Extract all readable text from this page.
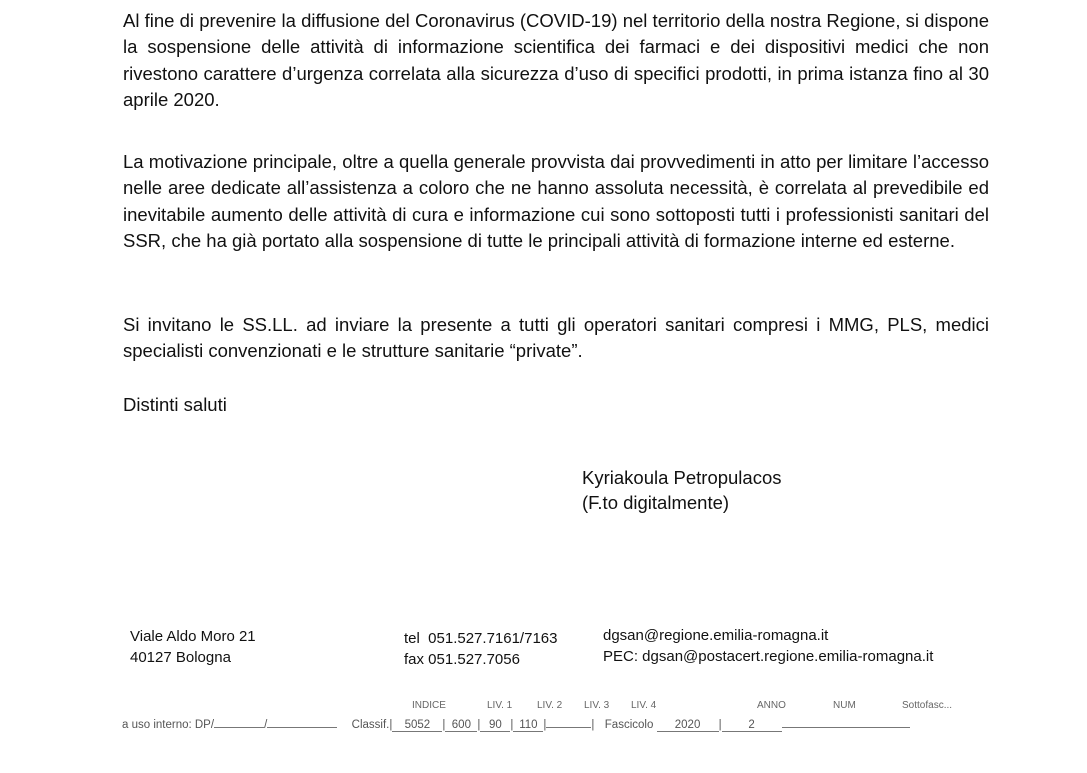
Al fine di prevenire la diffusione del Coronavirus (COVID-19) nel territorio della nostra Regione, si dispone la sospensione delle attività di informazione scientifica dei farmaci e dei dispositivi medici che non rivestono carattere d’urgenza correlata alla sicurezza d’uso di specifici prodotti, in prima istanza fino al 30 aprile 2020.

La motivazione principale, oltre a quella generale provvista dai provvedimenti in atto per limitare l’accesso nelle aree dedicate all’assistenza a coloro che ne hanno assoluta necessità, è correlata al prevedibile ed inevitabile aumento delle attività di cura e informazione cui sono sottoposti tutti i professionisti sanitari del SSR, che ha già portato alla sospensione di tutte le principali attività di formazione interne ed esterne.

Si invitano le SS.LL. ad inviare la presente a tutti gli operatori sanitari compresi i MMG, PLS, medici specialisti convenzionati e le strutture sanitarie “private”.

Distinti saluti

Kyriakoula Petropulacos
(F.to digitalmente)
Viale Aldo Moro 21
40127 Bologna
tel  051.527.7161/7163
fax 051.527.7056
dgsan@regione.emilia-romagna.it
PEC: dgsan@postacert.regione.emilia-romagna.it
INDICE	LIV. 1 LIV. 2 LIV. 3 LIV. 4	ANNO	NUM	Sottofasc...
a uso interno: DP/	/	Classif.| 5052 | 600 | 90 | 110 |	| Fascicolo 2020 | 2
